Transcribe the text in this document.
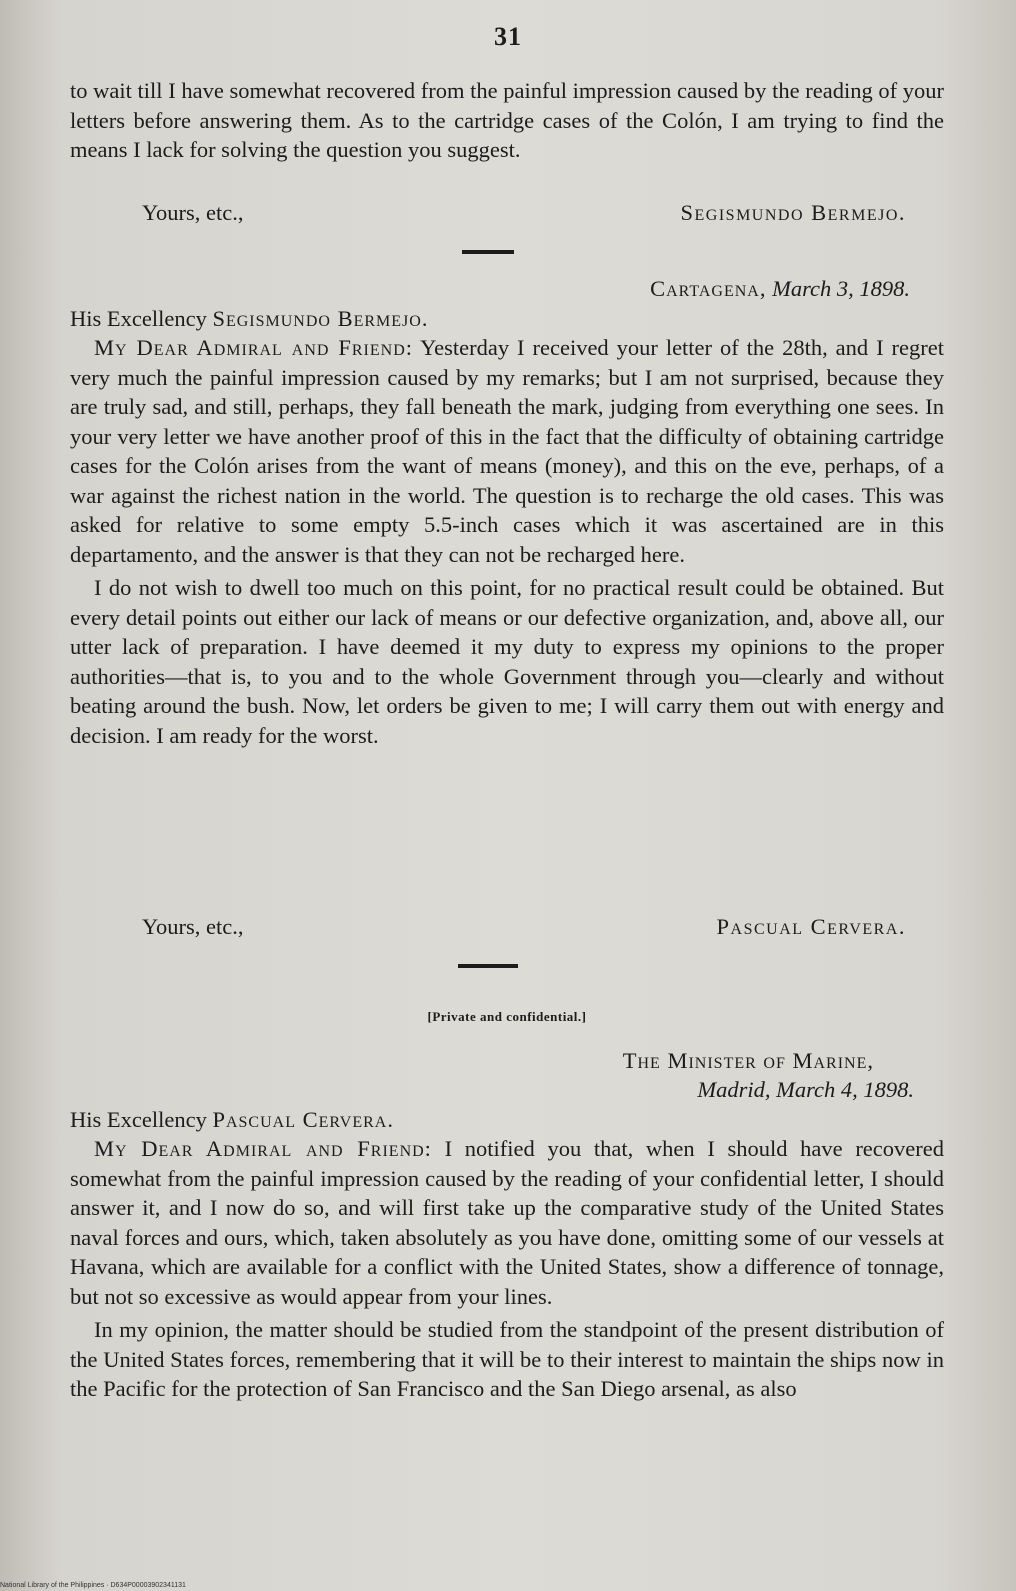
31

to wait till I have somewhat recovered from the painful impression caused by the reading of your letters before answering them. As to the cartridge cases of the Colón, I am trying to find the means I lack for solving the question you suggest.

Yours, etc.,	Segismundo Bermejo.
Cartagena, March 3, 1898.
His Excellency Segismundo Bermejo.

My Dear Admiral and Friend: Yesterday I received your letter of the 28th, and I regret very much the painful impression caused by my remarks; but I am not surprised, because they are truly sad, and still, perhaps, they fall beneath the mark, judging from everything one sees. In your very letter we have another proof of this in the fact that the difficulty of obtaining cartridge cases for the Colón arises from the want of means (money), and this on the eve, perhaps, of a war against the richest nation in the world. The question is to recharge the old cases. This was asked for relative to some empty 5.5-inch cases which it was ascertained are in this departamento, and the answer is that they can not be recharged here.

I do not wish to dwell too much on this point, for no practical result could be obtained. But every detail points out either our lack of means or our defective organization, and, above all, our utter lack of preparation. I have deemed it my duty to express my opinions to the proper authorities—that is, to you and to the whole Government through you—clearly and without beating around the bush. Now, let orders be given to me; I will carry them out with energy and decision. I am ready for the worst.

Yours, etc.,	Pascual Cervera.
[Private and confidential.]
The Minister of Marine,
Madrid, March 4, 1898.
His Excellency Pascual Cervera.

My Dear Admiral and Friend: I notified you that, when I should have recovered somewhat from the painful impression caused by the reading of your confidential letter, I should answer it, and I now do so, and will first take up the comparative study of the United States naval forces and ours, which, taken absolutely as you have done, omitting some of our vessels at Havana, which are available for a conflict with the United States, show a difference of tonnage, but not so excessive as would appear from your lines.

In my opinion, the matter should be studied from the standpoint of the present distribution of the United States forces, remembering that it will be to their interest to maintain the ships now in the Pacific for the protection of San Francisco and the San Diego arsenal, as also

National Library of the Philippines · D634P00003902341131
